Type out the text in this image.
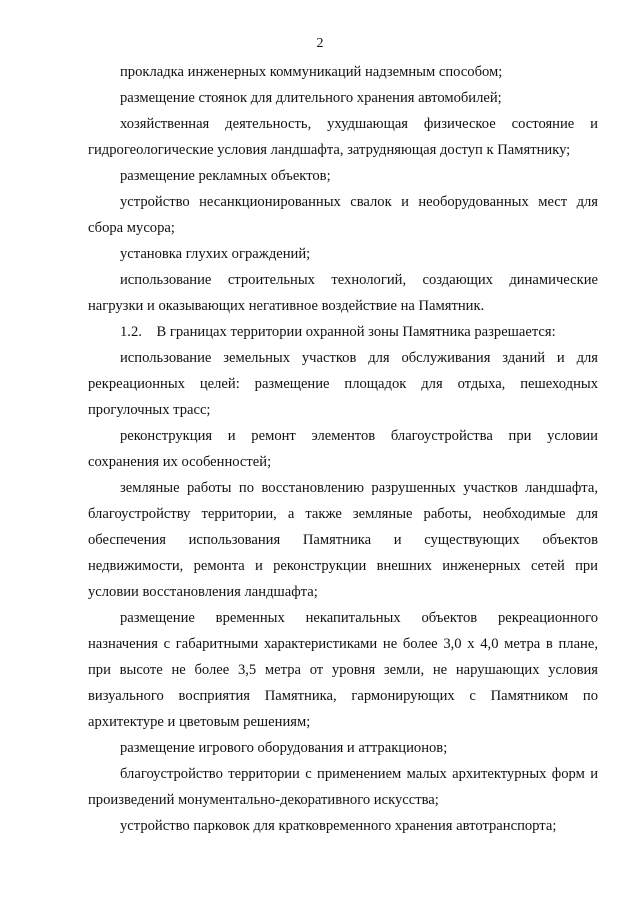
2

прокладка инженерных коммуникаций надземным способом;

размещение стоянок для длительного хранения автомобилей;

хозяйственная деятельность, ухудшающая физическое состояние и гидрогеологические условия ландшафта, затрудняющая доступ к Памятнику;

размещение рекламных объектов;

устройство несанкционированных свалок и необорудованных мест для сбора мусора;

установка глухих ограждений;

использование строительных технологий, создающих динамические нагрузки и оказывающих негативное воздействие на Памятник.

1.2.    В границах территории охранной зоны Памятника разрешается:

использование земельных участков для обслуживания зданий и для рекреационных целей: размещение площадок для отдыха, пешеходных прогулочных трасс;

реконструкция и ремонт элементов благоустройства при условии сохранения их особенностей;

земляные работы по восстановлению разрушенных участков ландшафта, благоустройству территории, а также земляные работы, необходимые для обеспечения использования Памятника и существующих объектов недвижимости, ремонта и реконструкции внешних инженерных сетей при условии восстановления ландшафта;

размещение временных некапитальных объектов рекреационного назначения с габаритными характеристиками не более 3,0 х 4,0 метра в плане, при высоте не более 3,5 метра от уровня земли, не нарушающих условия визуального восприятия Памятника, гармонирующих с Памятником по архитектуре и цветовым решениям;

размещение игрового оборудования и аттракционов;

благоустройство территории с применением малых архитектурных форм и произведений монументально-декоративного искусства;

устройство парковок для кратковременного хранения автотранспорта;
